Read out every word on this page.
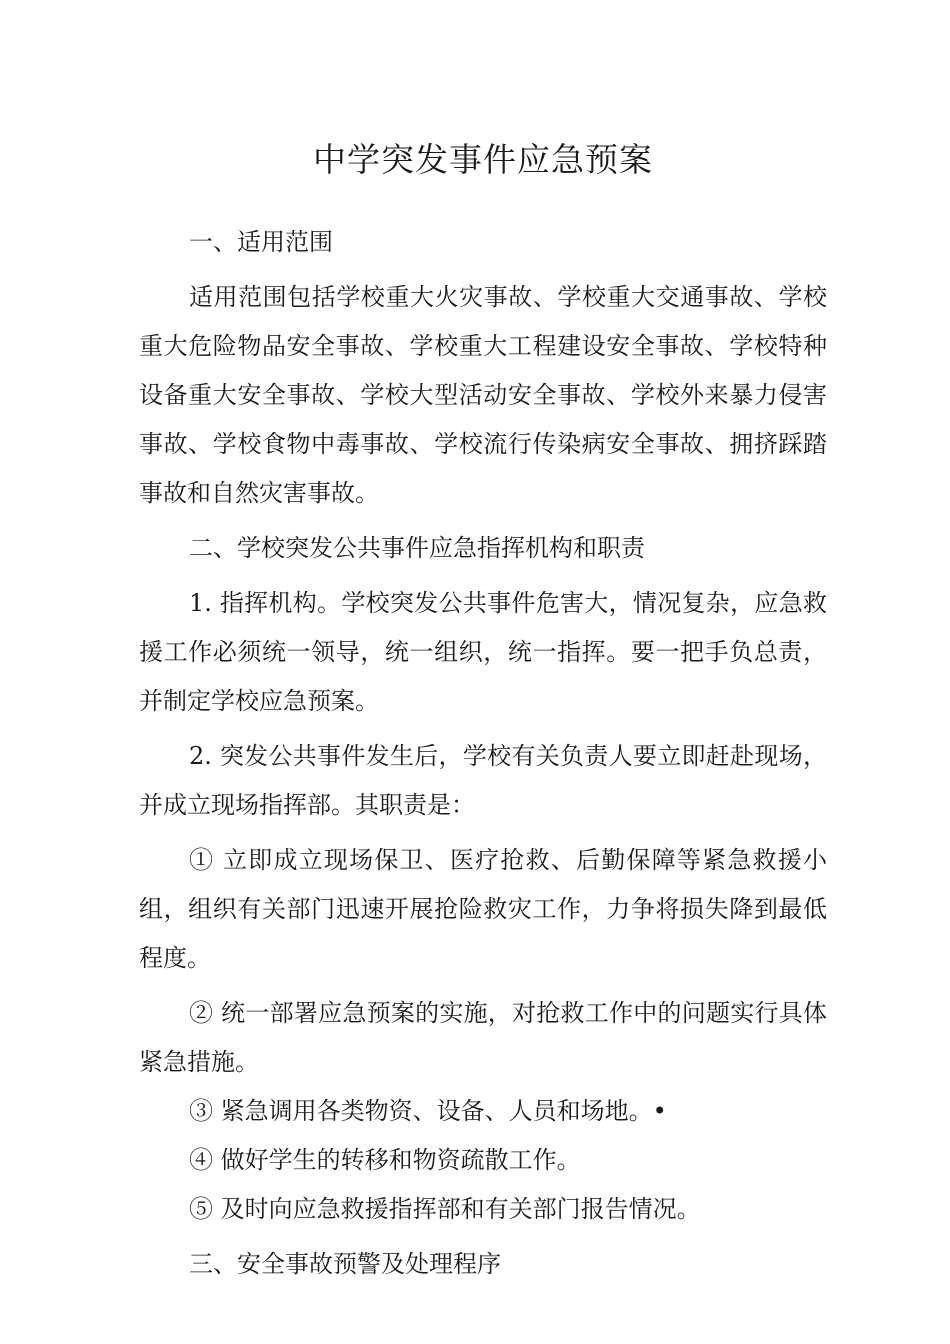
中学突发事件应急预案

一、适用范围

适用范围包括学校重大火灾事故、学校重大交通事故、学校重大危险物品安全事故、学校重大工程建设安全事故、学校特种设备重大安全事故、学校大型活动安全事故、学校外来暴力侵害事故、学校食物中毒事故、学校流行传染病安全事故、拥挤踩踏事故和自然灾害事故。

二、学校突发公共事件应急指挥机构和职责

1. 指挥机构。学校突发公共事件危害大，情况复杂，应急救援工作必须统一领导，统一组织，统一指挥。要一把手负总责，并制定学校应急预案。

2. 突发公共事件发生后，学校有关负责人要立即赶赴现场，并成立现场指挥部。其职责是：

① 立即成立现场保卫、医疗抢救、后勤保障等紧急救援小组，组织有关部门迅速开展抢险救灾工作，力争将损失降到最低程度。

② 统一部署应急预案的实施，对抢救工作中的问题实行具体紧急措施。

③ 紧急调用各类物资、设备、人员和场地。•

④ 做好学生的转移和物资疏散工作。

⑤ 及时向应急救援指挥部和有关部门报告情况。

三、安全事故预警及处理程序
